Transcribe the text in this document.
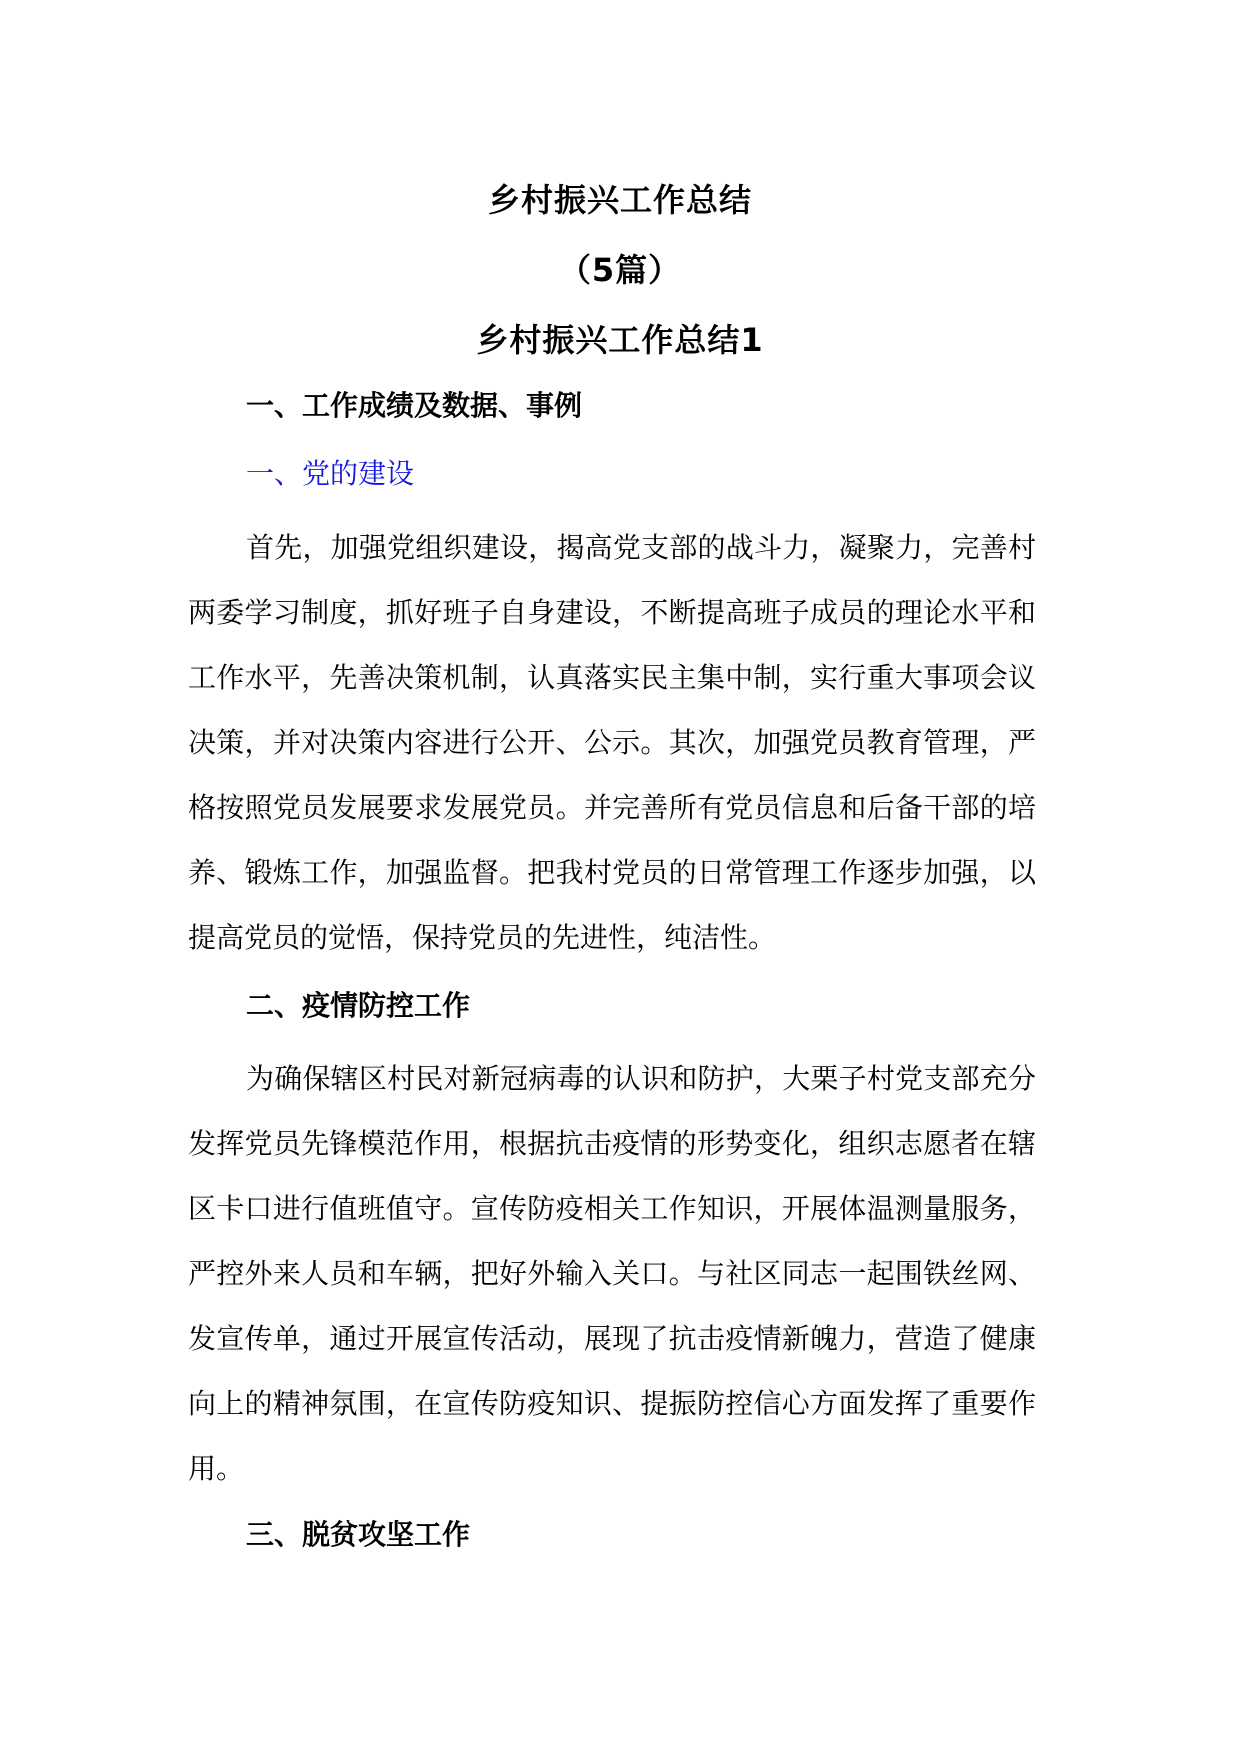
乡村振兴工作总结
（5篇）
乡村振兴工作总结1
一、工作成绩及数据、事例
一、党的建设
首先，加强党组织建设，揭高党支部的战斗力，凝聚力，完善村两委学习制度，抓好班子自身建设，不断提高班子成员的理论水平和工作水平，先善决策机制，认真落实民主集中制，实行重大事项会议决策，并对决策内容进行公开、公示。其次，加强党员教育管理，严格按照党员发展要求发展党员。并完善所有党员信息和后备干部的培养、锻炼工作，加强监督。把我村党员的日常管理工作逐步加强，以提高党员的觉悟，保持党员的先进性，纯洁性。
二、疫情防控工作
为确保辖区村民对新冠病毒的认识和防护，大栗子村党支部充分发挥党员先锋模范作用，根据抗击疫情的形势变化，组织志愿者在辖区卡口进行值班值守。宣传防疫相关工作知识，开展体温测量服务，严控外来人员和车辆，把好外输入关口。与社区同志一起围铁丝网、发宣传单，通过开展宣传活动，展现了抗击疫情新魄力，营造了健康向上的精神氛围，在宣传防疫知识、提振防控信心方面发挥了重要作用。
三、脱贫攻坚工作
